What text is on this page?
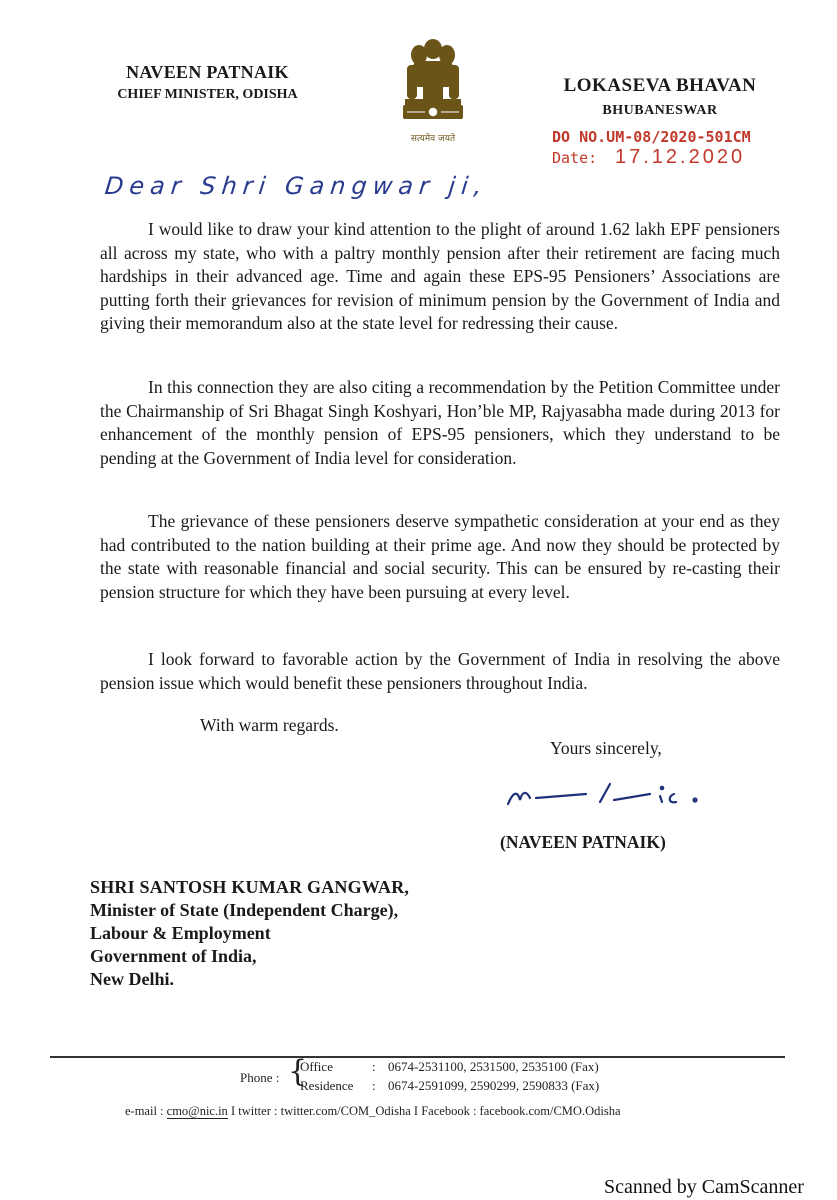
NAVEEN PATNAIK
CHIEF MINISTER, ODISHA
सत्यमेव जयते
LOKASEVA BHAVAN
BHUBANESWAR
DO NO.UM-08/2020-501CM
Date: 17.12.2020
Dear Shri Gangwar ji,

I would like to draw your kind attention to the plight of around 1.62 lakh EPF pensioners all across my state, who with a paltry monthly pension after their retirement are facing much hardships in their advanced age. Time and again these EPS-95 Pensioners’ Associations are putting forth their grievances for revision of minimum pension by the Government of India and giving their memorandum also at the state level for redressing their cause.

In this connection they are also citing a recommendation by the Petition Committee under the Chairmanship of Sri Bhagat Singh Koshyari, Hon’ble MP, Rajyasabha made during 2013 for enhancement of the monthly pension of EPS-95 pensioners, which they understand to be pending at the Government of India level for consideration.

The grievance of these pensioners deserve sympathetic consideration at your end as they had contributed to the nation building at their prime age. And now they should be protected by the state with reasonable financial and social security. This can be ensured by re-casting their pension structure for which they have been pursuing at every level.

I look forward to favorable action by the Government of India in resolving the above pension issue which would benefit these pensioners throughout India.

With warm regards.
Yours sincerely,
(NAVEEN PATNAIK)
SHRI SANTOSH KUMAR GANGWAR,
Minister of State (Independent Charge),
Labour & Employment
Government of India,
New Delhi.
Phone : {
Office
Residence
:
:
0674-2531100, 2531500, 2535100 (Fax)
0674-2591099, 2590299, 2590833 (Fax)
e-mail : cmo@nic.in I twitter : twitter.com/COM_Odisha I Facebook : facebook.com/CMO.Odisha
Scanned by CamScanner
